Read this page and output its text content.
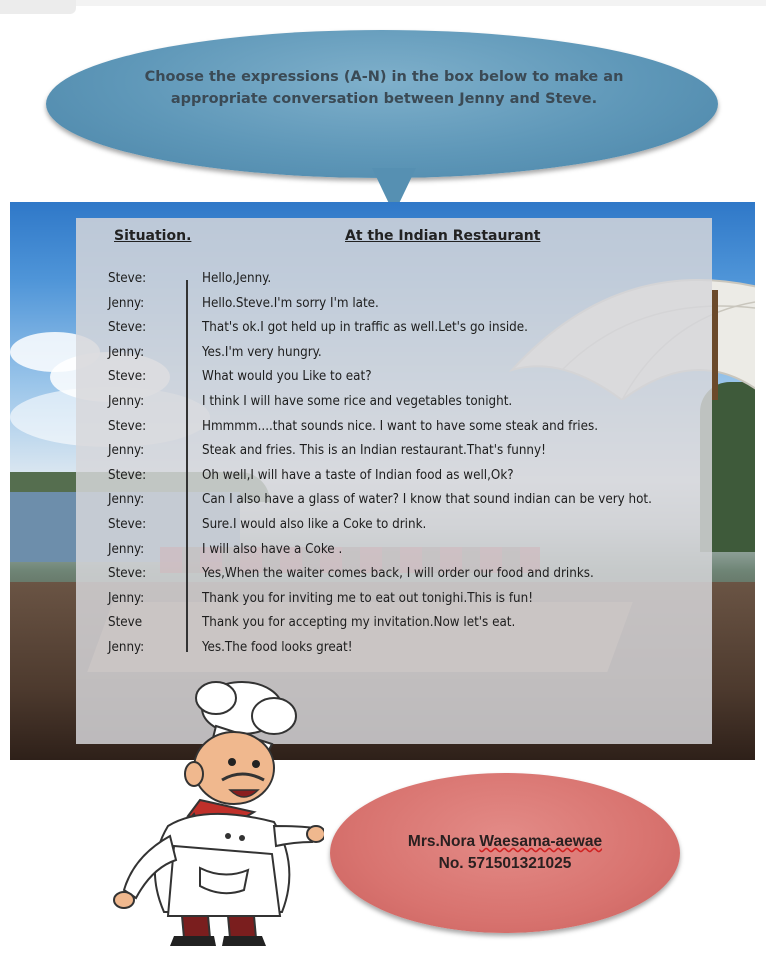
Choose the expressions (A-N) in the box below to make an appropriate conversation between Jenny and Steve.
Situation.	At the Indian Restaurant
Steve:	Hello,Jenny.
Jenny:	Hello.Steve.I'm sorry I'm late.
Steve:	That's ok.I got held up in traffic as well.Let's go inside.
Jenny:	Yes.I'm very hungry.
Steve:	What would you Like to eat?
Jenny:	I think I will have some rice and vegetables tonight.
Steve:	Hmmmm....that sounds nice. I want to have some steak and fries.
Jenny:	Steak and fries. This is an Indian restaurant.That's funny!
Steve:	Oh well,I will have a taste of Indian food as well,Ok?
Jenny:	Can I also have a glass of water? I know that sound indian can be very hot.
Steve:	Sure.I would also like a Coke to drink.
Jenny:	I will also have a Coke .
Steve:	Yes,When the waiter comes back, I will order our food and drinks.
Jenny:	Thank you for inviting me to eat out tonighi.This is fun!
Steve	Thank you for accepting my invitation.Now let's eat.
Jenny:	Yes.The food looks great!
Mrs.Nora Waesama-aewae
No. 571501321025
